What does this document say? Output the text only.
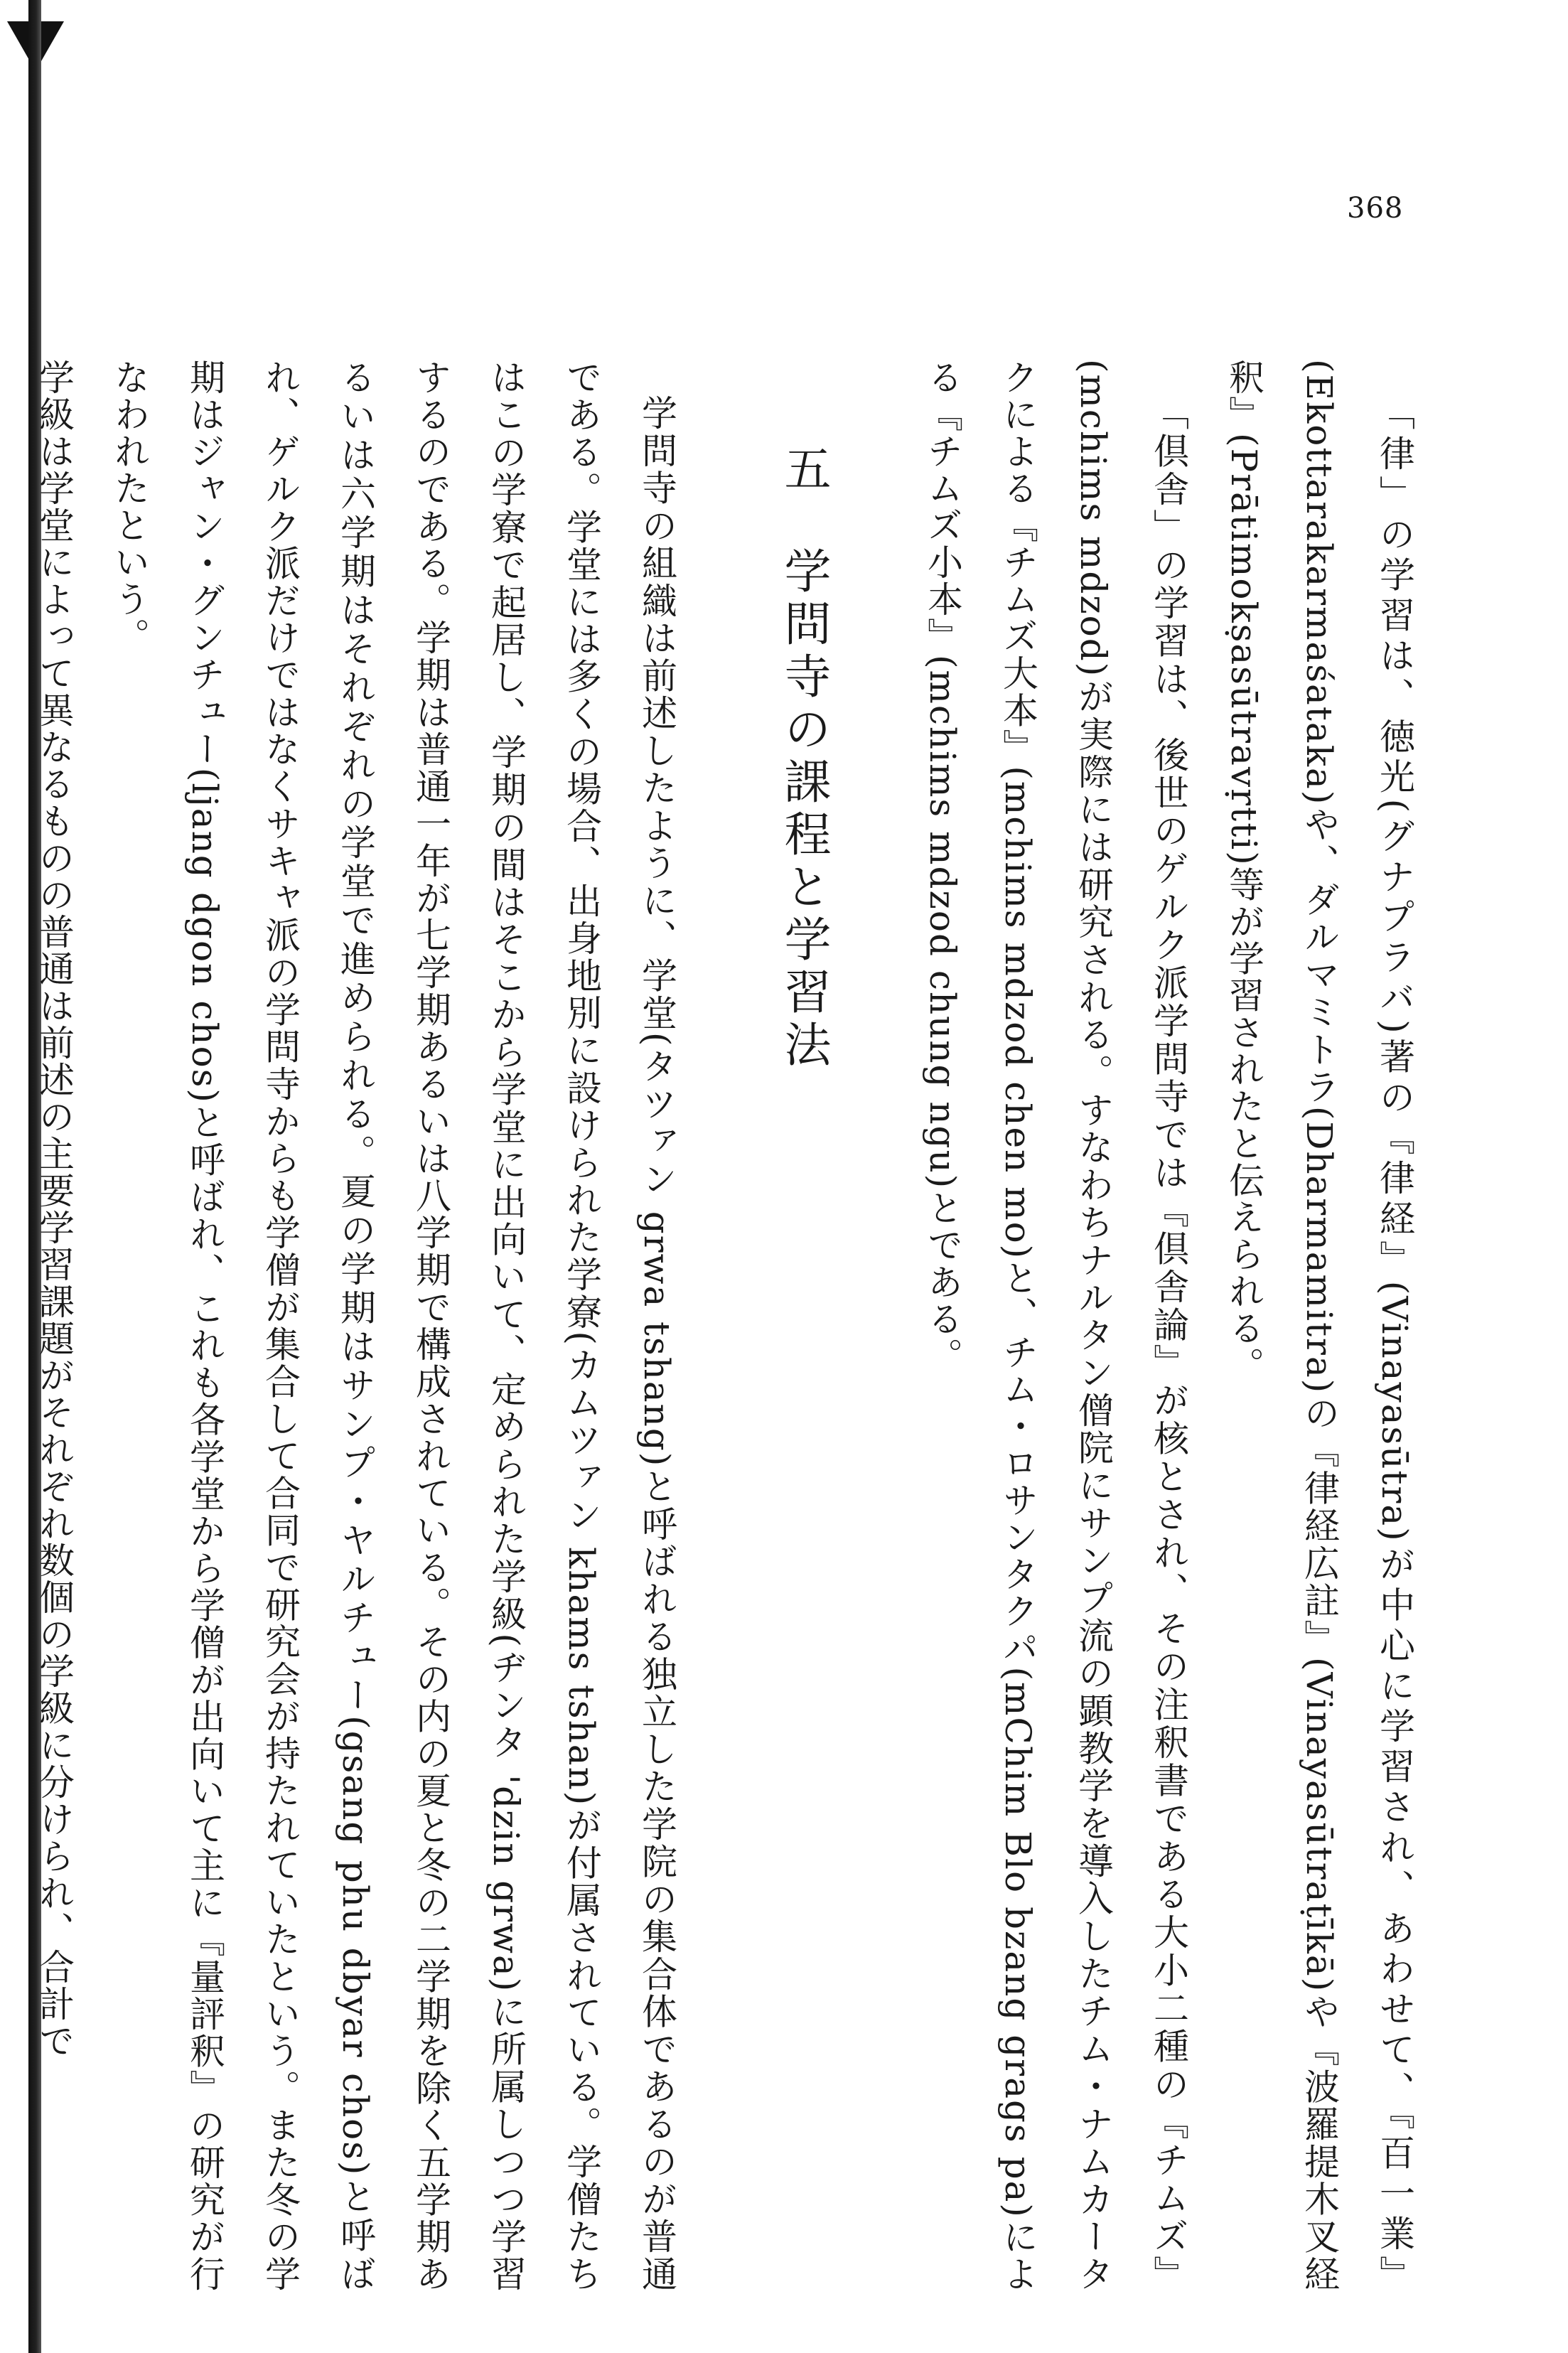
368

「律」の学習は、徳光(グナプラバ)著の『律経』(Vinayasūtra)が中心に学習され、あわせて、『百一業』(Ekottarakarmaśataka)や、ダルマミトラ(Dharmamitra)の『律経広註』(Vinayasūtraṭīkā)や『波羅提木叉経釈』(Prātimokṣasūtravṛtti)等が学習されたと伝えられる。

「倶舎」の学習は、後世のゲルク派学問寺では『倶舎論』が核とされ、その注釈書である大小二種の『チムズ』(mchims mdzod)が実際には研究される。すなわちナルタン僧院にサンプ流の顕教学を導入したチム・ナムカータクによる『チムズ大本』(mchims mdzod chen mo)と、チム・ロサンタクパ(mChim Blo bzang grags pa)による『チムズ小本』(mchims mdzod chung ngu)とである。

五学問寺の課程と学習法

学問寺の組織は前述したように、学堂(タツァン grwa tshang)と呼ばれる独立した学院の集合体であるのが普通である。学堂には多くの場合、出身地別に設けられた学寮(カムツァン khams tshan)が付属されている。学僧たちはこの学寮で起居し、学期の間はそこから学堂に出向いて、定められた学級(ヂンタ 'dzin grwa)に所属しつつ学習するのである。学期は普通一年が七学期あるいは八学期で構成されている。その内の夏と冬の二学期を除く五学期あるいは六学期はそれぞれの学堂で進められる。夏の学期はサンプ・ヤルチュー(gsang phu dbyar chos)と呼ばれ、ゲルク派だけではなくサキャ派の学問寺からも学僧が集合して合同で研究会が持たれていたという。また冬の学期はジャン・グンチュー(ljang dgon chos)と呼ばれ、これも各学堂から学僧が出向いて主に『量評釈』の研究が行なわれたという。

学級は学堂によって異なるものの普通は前述の主要学習課題がそれぞれ数個の学級に分けられ、合計で
